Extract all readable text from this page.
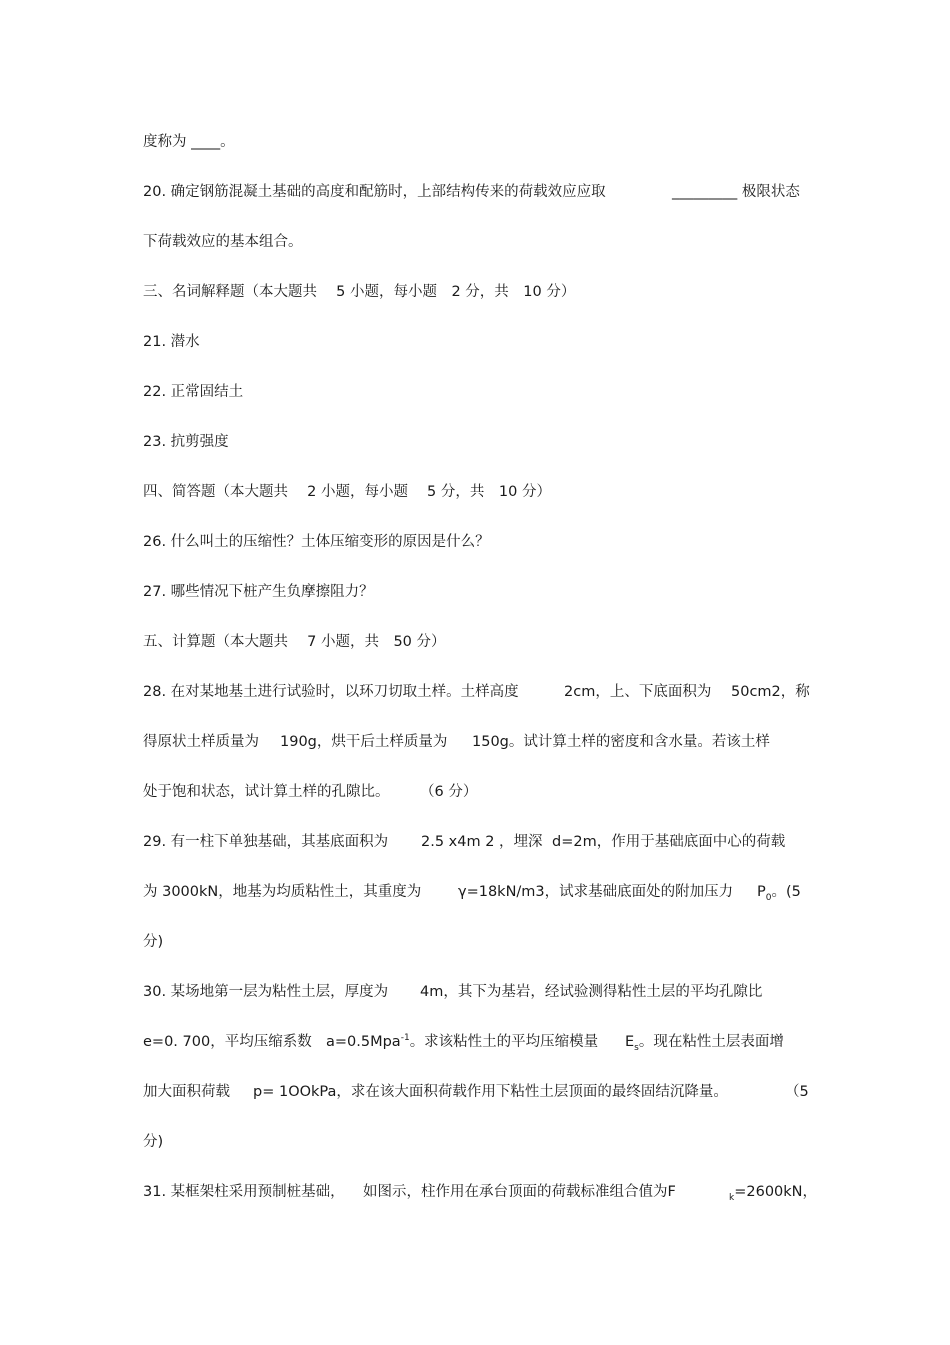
度称为 ____。
20. 确定钢筋混凝土基础的高度和配筋时，上部结构传来的荷载效应应取	_________ 极限状态
下荷载效应的基本组合。
三、名词解释题（本大题共　 5 小题，每小题　2 分，共　10 分）
21. 潜水
22. 正常固结土
23. 抗剪强度
四、简答题（本大题共　 2 小题，每小题　 5 分，共　10 分）
26. 什么叫土的压缩性？土体压缩变形的原因是什么？
27. 哪些情况下桩产生负摩擦阻力？
五、计算题（本大题共　 7 小题，共　50 分）
28. 在对某地基土进行试验时，以环刀切取土样。土样高度	2cm，上、下底面积为 50cm2，称
得原状土样质量为 190g，烘干后土样质量为 150g。试计算土样的密度和含水量。若该土样
处于饱和状态，试计算土样的孔隙比。 （6 分）
29. 有一柱下单独基础，其基底面积为 2.5 x4m 2 ，埋深 d=2m，作用于基础底面中心的荷载
为 3000kN，地基为均质粘性土，其重度为	γ=18kN/m3，试求基础底面处的附加压力 $P_0$。(5
分)
30. 某场地第一层为粘性土层，厚度为 4m，其下为基岩，经试验测得粘性土层的平均孔隙比
e=0. 700，平均压缩系数 a=0.5Mpa$^{-1}$。求该粘性土的平均压缩模量 $E_s$。现在粘性土层表面增
加大面积荷载 p= 1OOkPa，求在该大面积荷载作用下粘性土层顶面的最终固结沉降量。	（5
分)
31. 某框架柱采用预制桩基础， 如图示，柱作用在承台顶面的荷载标准组合值为F	$_k$=2600kN，
